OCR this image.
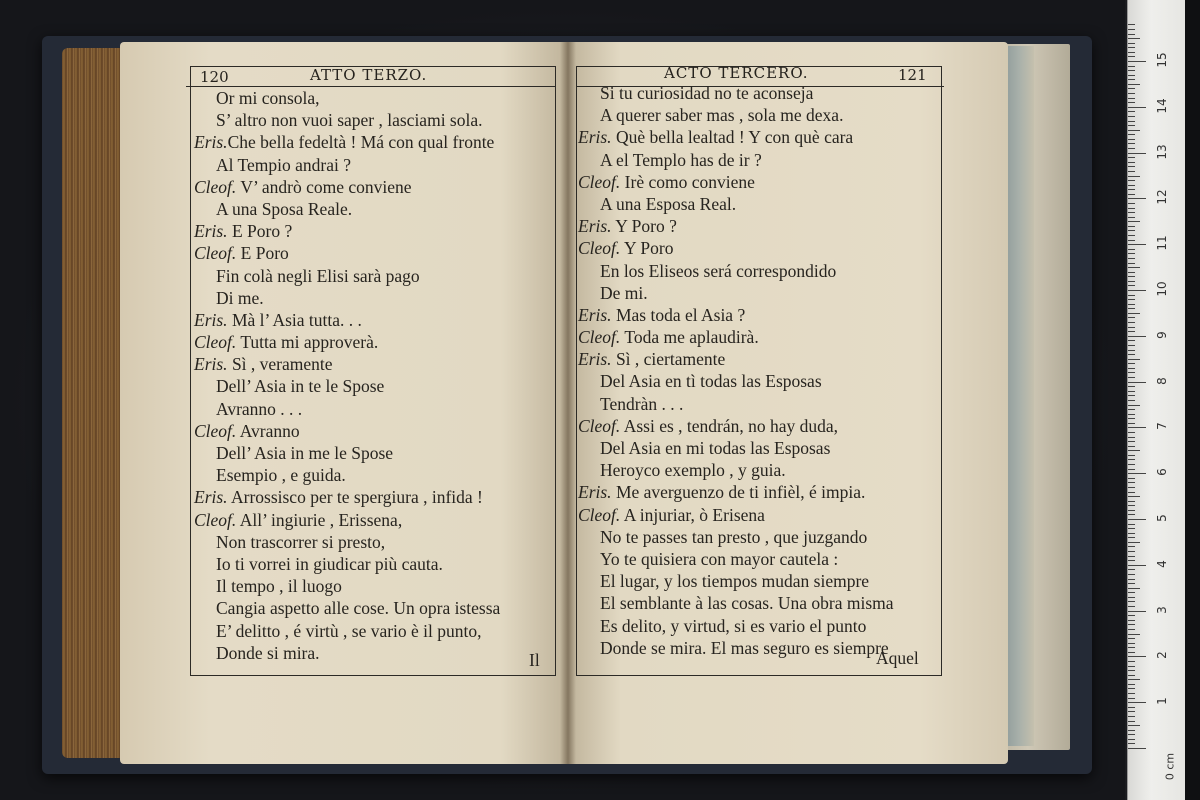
120	ATTO TERZO.	ACTO TERCERO.	121
Or mi consola,
S’ altro non vuoi saper , lasciami sola.
Eris.Che bella fedeltà ! Má con qual fronte
Al Tempio andrai ?
Cleof. V’ andrò come conviene
A una Sposa Reale.
Eris. E Poro ?
Cleof. E Poro
Fin colà negli Elisi sarà pago
Di me.
Eris. Mà l’ Asia tutta. . .
Cleof. Tutta mi approverà.
Eris. Sì , veramente
Dell’ Asia in te le Spose
Avranno . . .
Cleof. Avranno
Dell’ Asia in me le Spose
Esempio , e guida.
Eris. Arrossisco per te spergiura , infida !
Cleof. All’ ingiurie , Erissena,
Non trascorrer si presto,
Io ti vorrei in giudicar più cauta.
Il tempo , il luogo
Cangia aspetto alle cose. Un opra istessa
E’ delitto , é virtù , se vario è il punto,
Donde si mira.
Si tu curiosidad no te aconseja
A querer saber mas , sola me dexa.
Eris. Què bella lealtad ! Y con què cara
A el Templo has de ir ?
Cleof. Irè como conviene
A una Esposa Real.
Eris. Y Poro ?
Cleof. Y Poro
En los Eliseos será correspondido
De mi.
Eris. Mas toda el Asia ?
Cleof. Toda me aplaudirà.
Eris. Sì , ciertamente
Del Asia en tì todas las Esposas
Tendràn . . .
Cleof. Assi es , tendrán, no hay duda,
Del Asia en mi todas las Esposas
Heroyco exemplo , y guia.
Eris. Me averguenzo de ti infièl, é impia.
Cleof. A injuriar, ò Erisena
No te passes tan presto , que juzgando
Yo te quisiera con mayor cautela :
El lugar, y los tiempos mudan siempre
El semblante à las cosas. Una obra misma
Es delito, y virtud, si es vario el punto
Donde se mira. El mas seguro es siempre
Il	Aquel
1
2
3
4
5
6
7
8
9
10
11
12
13
14
15
0 cm
